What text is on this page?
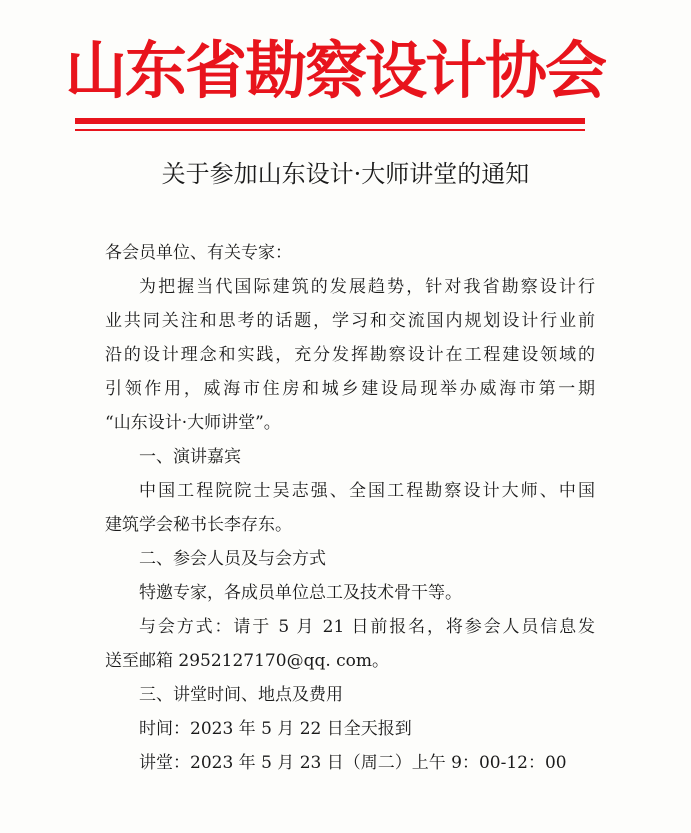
山东省勘察设计协会
关于参加山东设计·大师讲堂的通知
各会员单位、有关专家：
为把握当代国际建筑的发展趋势，针对我省勘察设计行
业共同关注和思考的话题，学习和交流国内规划设计行业前
沿的设计理念和实践，充分发挥勘察设计在工程建设领域的
引领作用，威海市住房和城乡建设局现举办威海市第一期
“山东设计·大师讲堂”。
一、演讲嘉宾
中国工程院院士吴志强、全国工程勘察设计大师、中国
建筑学会秘书长李存东。
二、参会人员及与会方式
特邀专家，各成员单位总工及技术骨干等。
与会方式：请于 5 月 21 日前报名，将参会人员信息发
送至邮箱 2952127170@qq. com。
三、讲堂时间、地点及费用
时间：2023 年 5 月 22 日全天报到
讲堂：2023 年 5 月 23 日（周二）上午 9：00-12：00
